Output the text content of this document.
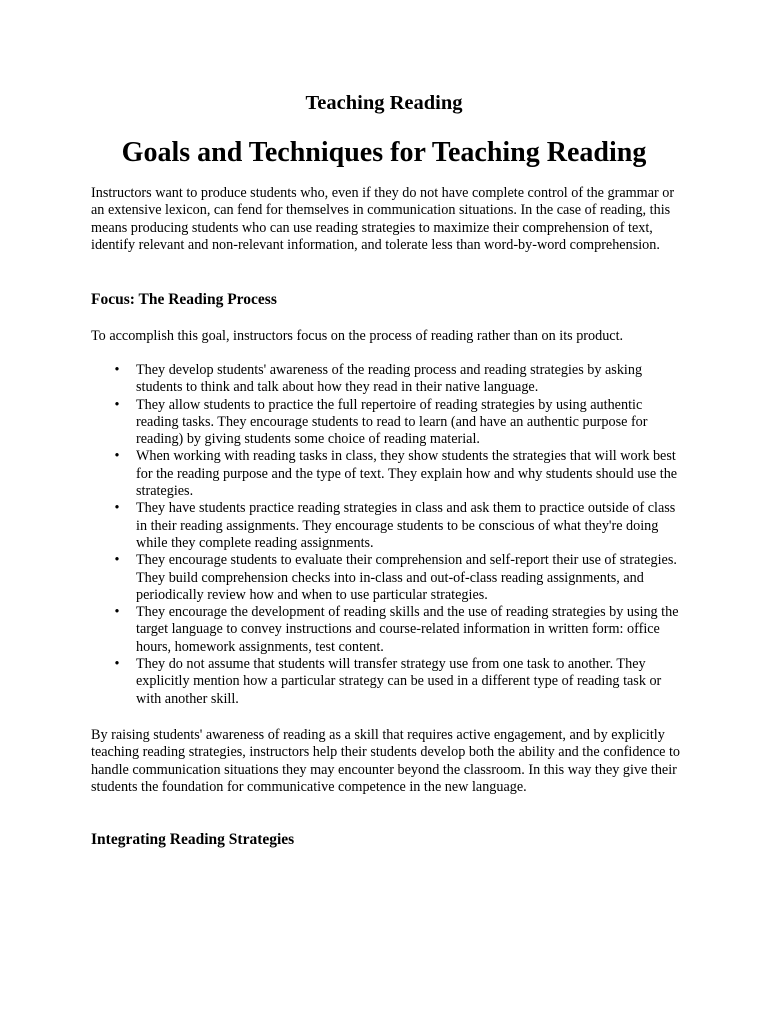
Teaching Reading
Goals and Techniques for Teaching Reading

Instructors want to produce students who, even if they do not have complete control of the grammar or an extensive lexicon, can fend for themselves in communication situations. In the case of reading, this means producing students who can use reading strategies to maximize their comprehension of text, identify relevant and non-relevant information, and tolerate less than word-by-word comprehension.

Focus: The Reading Process

To accomplish this goal, instructors focus on the process of reading rather than on its product.

• They develop students' awareness of the reading process and reading strategies by asking students to think and talk about how they read in their native language.
• They allow students to practice the full repertoire of reading strategies by using authentic reading tasks. They encourage students to read to learn (and have an authentic purpose for reading) by giving students some choice of reading material.
• When working with reading tasks in class, they show students the strategies that will work best for the reading purpose and the type of text. They explain how and why students should use the strategies.
• They have students practice reading strategies in class and ask them to practice outside of class in their reading assignments. They encourage students to be conscious of what they're doing while they complete reading assignments.
• They encourage students to evaluate their comprehension and self-report their use of strategies. They build comprehension checks into in-class and out-of-class reading assignments, and periodically review how and when to use particular strategies.
• They encourage the development of reading skills and the use of reading strategies by using the target language to convey instructions and course-related information in written form: office hours, homework assignments, test content.
• They do not assume that students will transfer strategy use from one task to another. They explicitly mention how a particular strategy can be used in a different type of reading task or with another skill.

By raising students' awareness of reading as a skill that requires active engagement, and by explicitly teaching reading strategies, instructors help their students develop both the ability and the confidence to handle communication situations they may encounter beyond the classroom. In this way they give their students the foundation for communicative competence in the new language.

Integrating Reading Strategies
